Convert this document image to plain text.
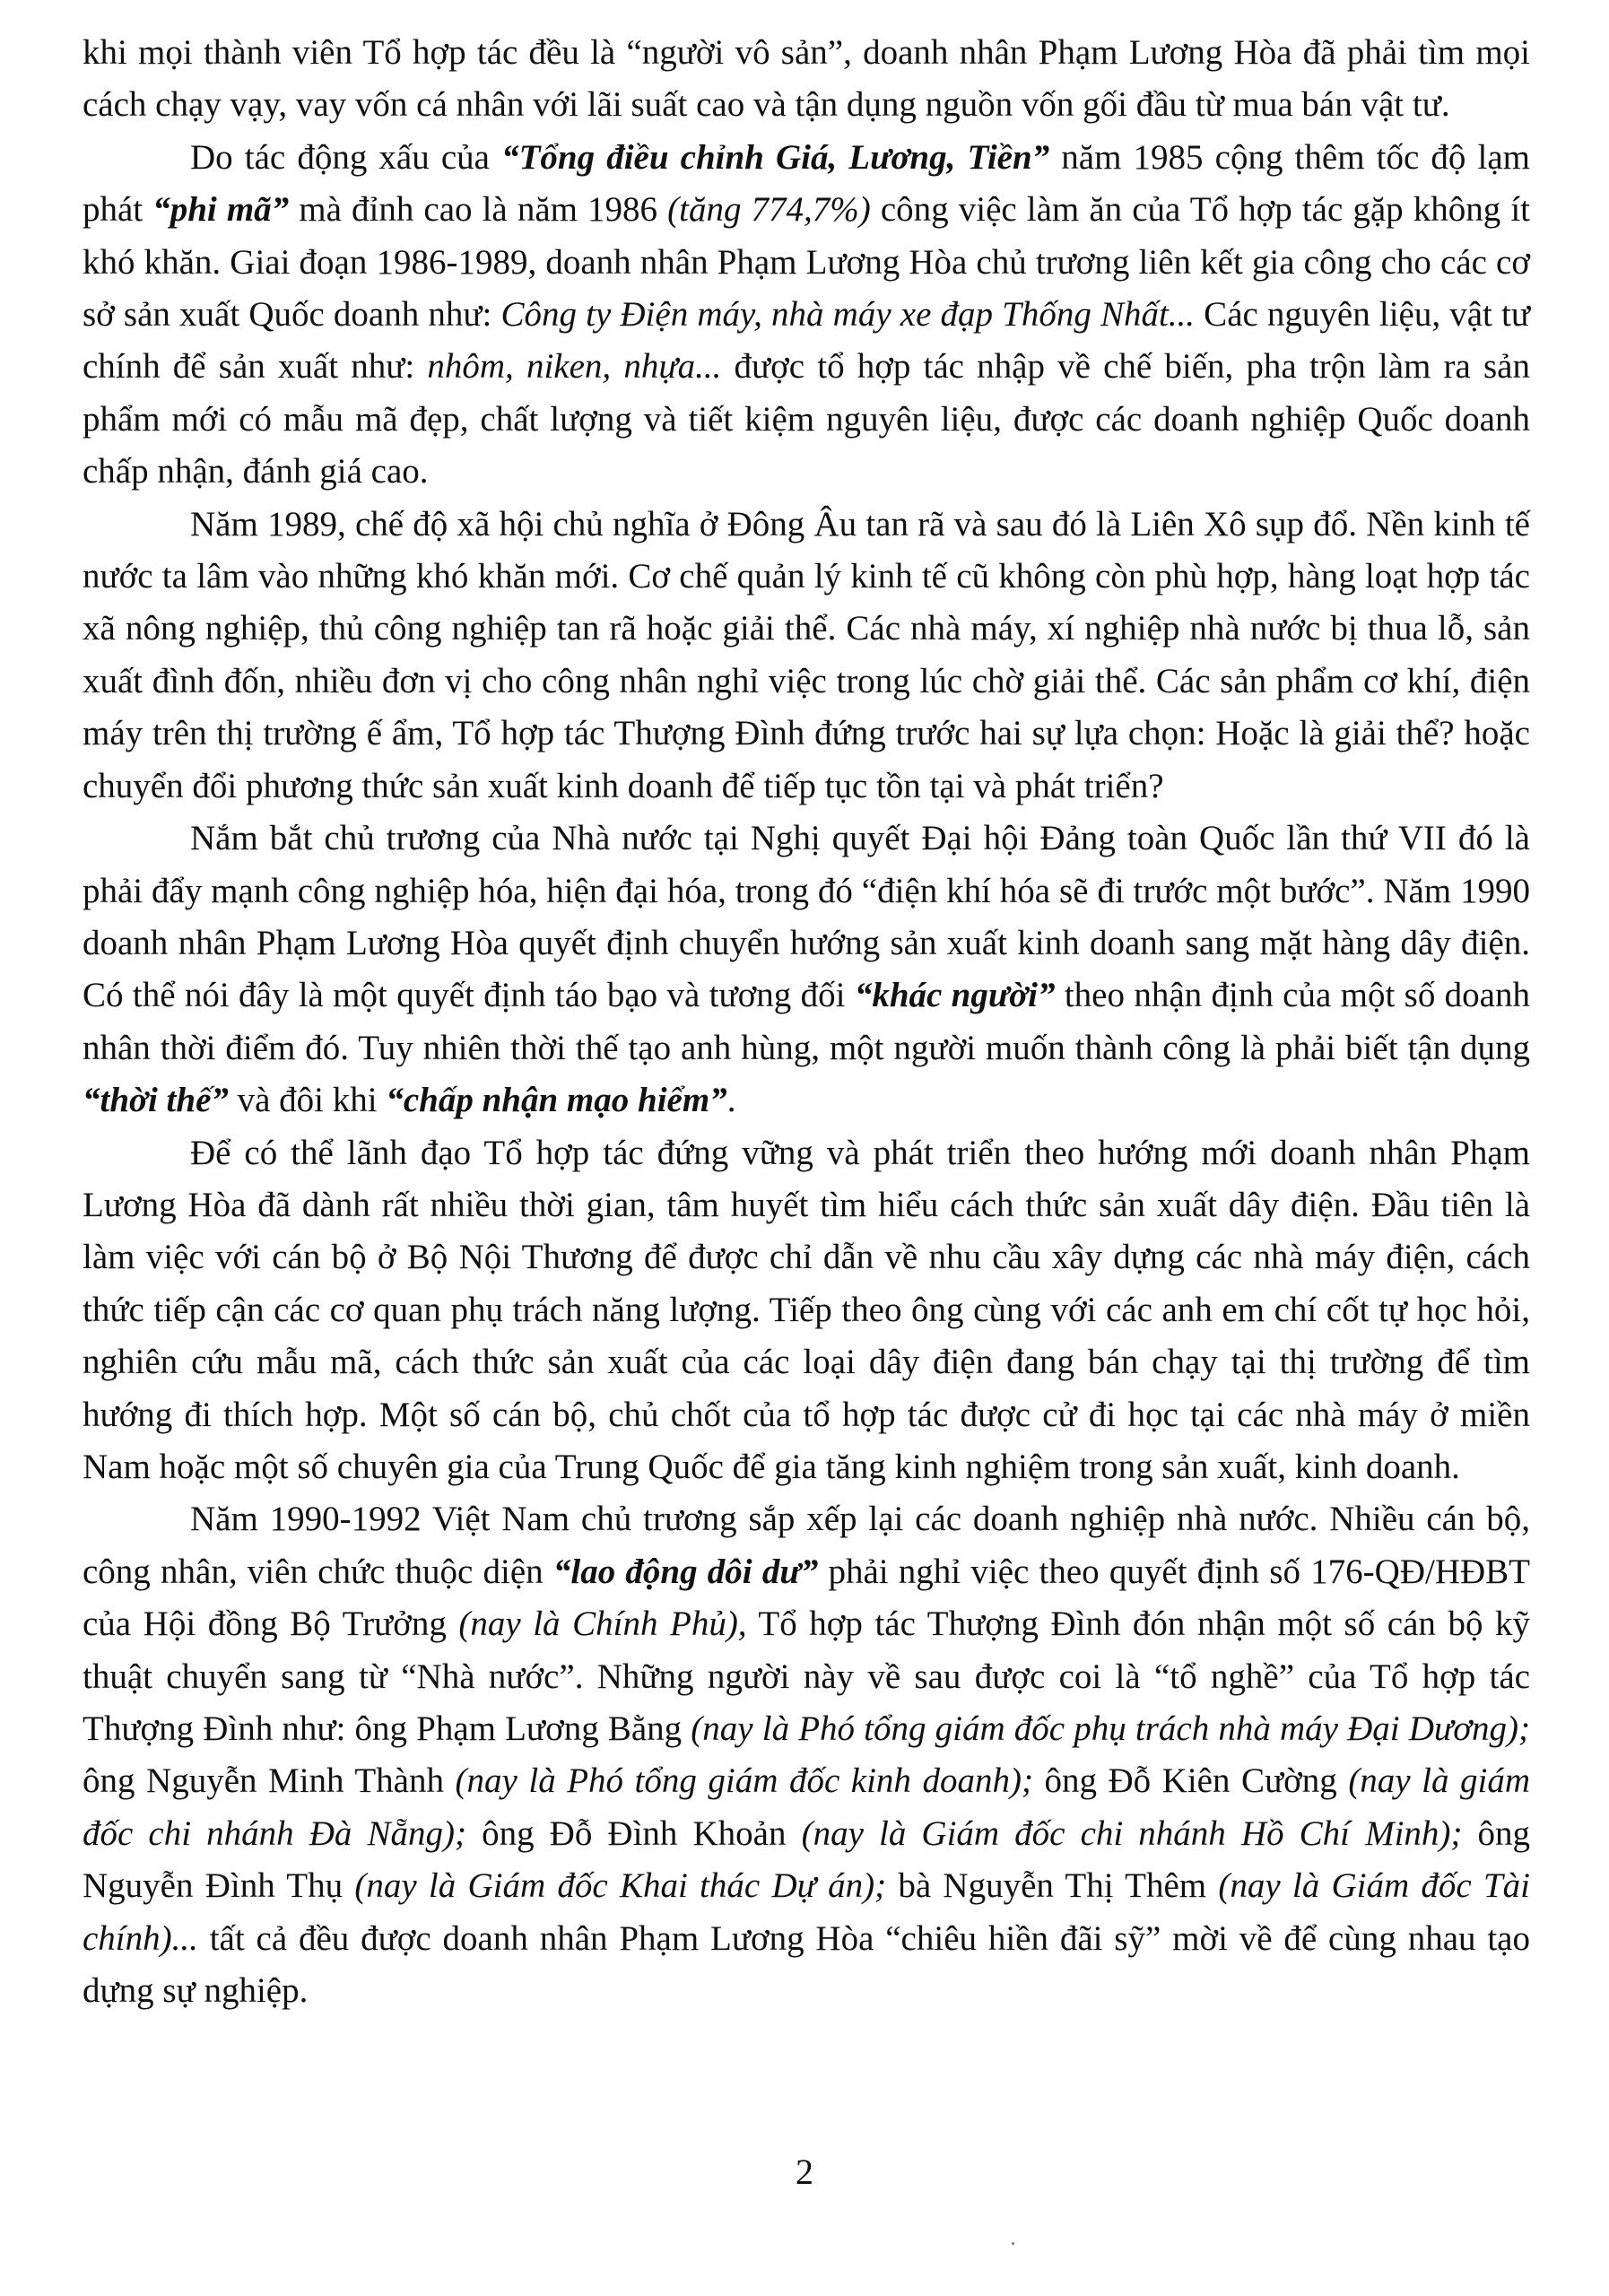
khi mọi thành viên Tổ hợp tác đều là “người vô sản”, doanh nhân Phạm Lương Hòa đã phải tìm mọi cách chạy vạy, vay vốn cá nhân với lãi suất cao và tận dụng nguồn vốn gối đầu từ mua bán vật tư.

Do tác động xấu của “Tổng điều chỉnh Giá, Lương, Tiền” năm 1985 cộng thêm tốc độ lạm phát “phi mã” mà đỉnh cao là năm 1986 (tăng 774,7%) công việc làm ăn của Tổ hợp tác gặp không ít khó khăn. Giai đoạn 1986-1989, doanh nhân Phạm Lương Hòa chủ trương liên kết gia công cho các cơ sở sản xuất Quốc doanh như: Công ty Điện máy, nhà máy xe đạp Thống Nhất... Các nguyên liệu, vật tư chính để sản xuất như: nhôm, niken, nhựa... được tổ hợp tác nhập về chế biến, pha trộn làm ra sản phẩm mới có mẫu mã đẹp, chất lượng và tiết kiệm nguyên liệu, được các doanh nghiệp Quốc doanh chấp nhận, đánh giá cao.

Năm 1989, chế độ xã hội chủ nghĩa ở Đông Âu tan rã và sau đó là Liên Xô sụp đổ. Nền kinh tế nước ta lâm vào những khó khăn mới. Cơ chế quản lý kinh tế cũ không còn phù hợp, hàng loạt hợp tác xã nông nghiệp, thủ công nghiệp tan rã hoặc giải thể. Các nhà máy, xí nghiệp nhà nước bị thua lỗ, sản xuất đình đốn, nhiều đơn vị cho công nhân nghỉ việc trong lúc chờ giải thể. Các sản phẩm cơ khí, điện máy trên thị trường ế ẩm, Tổ hợp tác Thượng Đình đứng trước hai sự lựa chọn: Hoặc là giải thể? hoặc chuyển đổi phương thức sản xuất kinh doanh để tiếp tục tồn tại và phát triển?

Nắm bắt chủ trương của Nhà nước tại Nghị quyết Đại hội Đảng toàn Quốc lần thứ VII đó là phải đẩy mạnh công nghiệp hóa, hiện đại hóa, trong đó “điện khí hóa sẽ đi trước một bước”. Năm 1990 doanh nhân Phạm Lương Hòa quyết định chuyển hướng sản xuất kinh doanh sang mặt hàng dây điện. Có thể nói đây là một quyết định táo bạo và tương đối “khác người” theo nhận định của một số doanh nhân thời điểm đó. Tuy nhiên thời thế tạo anh hùng, một người muốn thành công là phải biết tận dụng “thời thế” và đôi khi “chấp nhận mạo hiểm”.

Để có thể lãnh đạo Tổ hợp tác đứng vững và phát triển theo hướng mới doanh nhân Phạm Lương Hòa đã dành rất nhiều thời gian, tâm huyết tìm hiểu cách thức sản xuất dây điện. Đầu tiên là làm việc với cán bộ ở Bộ Nội Thương để được chỉ dẫn về nhu cầu xây dựng các nhà máy điện, cách thức tiếp cận các cơ quan phụ trách năng lượng. Tiếp theo ông cùng với các anh em chí cốt tự học hỏi, nghiên cứu mẫu mã, cách thức sản xuất của các loại dây điện đang bán chạy tại thị trường để tìm hướng đi thích hợp. Một số cán bộ, chủ chốt của tổ hợp tác được cử đi học tại các nhà máy ở miền Nam hoặc một số chuyên gia của Trung Quốc để gia tăng kinh nghiệm trong sản xuất, kinh doanh.

Năm 1990-1992 Việt Nam chủ trương sắp xếp lại các doanh nghiệp nhà nước. Nhiều cán bộ, công nhân, viên chức thuộc diện “lao động dôi dư” phải nghỉ việc theo quyết định số 176-QĐ/HĐBT của Hội đồng Bộ Trưởng (nay là Chính Phủ), Tổ hợp tác Thượng Đình đón nhận một số cán bộ kỹ thuật chuyển sang từ “Nhà nước”. Những người này về sau được coi là “tổ nghề” của Tổ hợp tác Thượng Đình như: ông Phạm Lương Bằng (nay là Phó tổng giám đốc phụ trách nhà máy Đại Dương); ông Nguyễn Minh Thành (nay là Phó tổng giám đốc kinh doanh); ông Đỗ Kiên Cường (nay là giám đốc chi nhánh Đà Nẵng); ông Đỗ Đình Khoản (nay là Giám đốc chi nhánh Hồ Chí Minh); ông Nguyễn Đình Thụ (nay là Giám đốc Khai thác Dự án); bà Nguyễn Thị Thêm (nay là Giám đốc Tài chính)... tất cả đều được doanh nhân Phạm Lương Hòa “chiêu hiền đãi sỹ” mời về để cùng nhau tạo dựng sự nghiệp.

2
